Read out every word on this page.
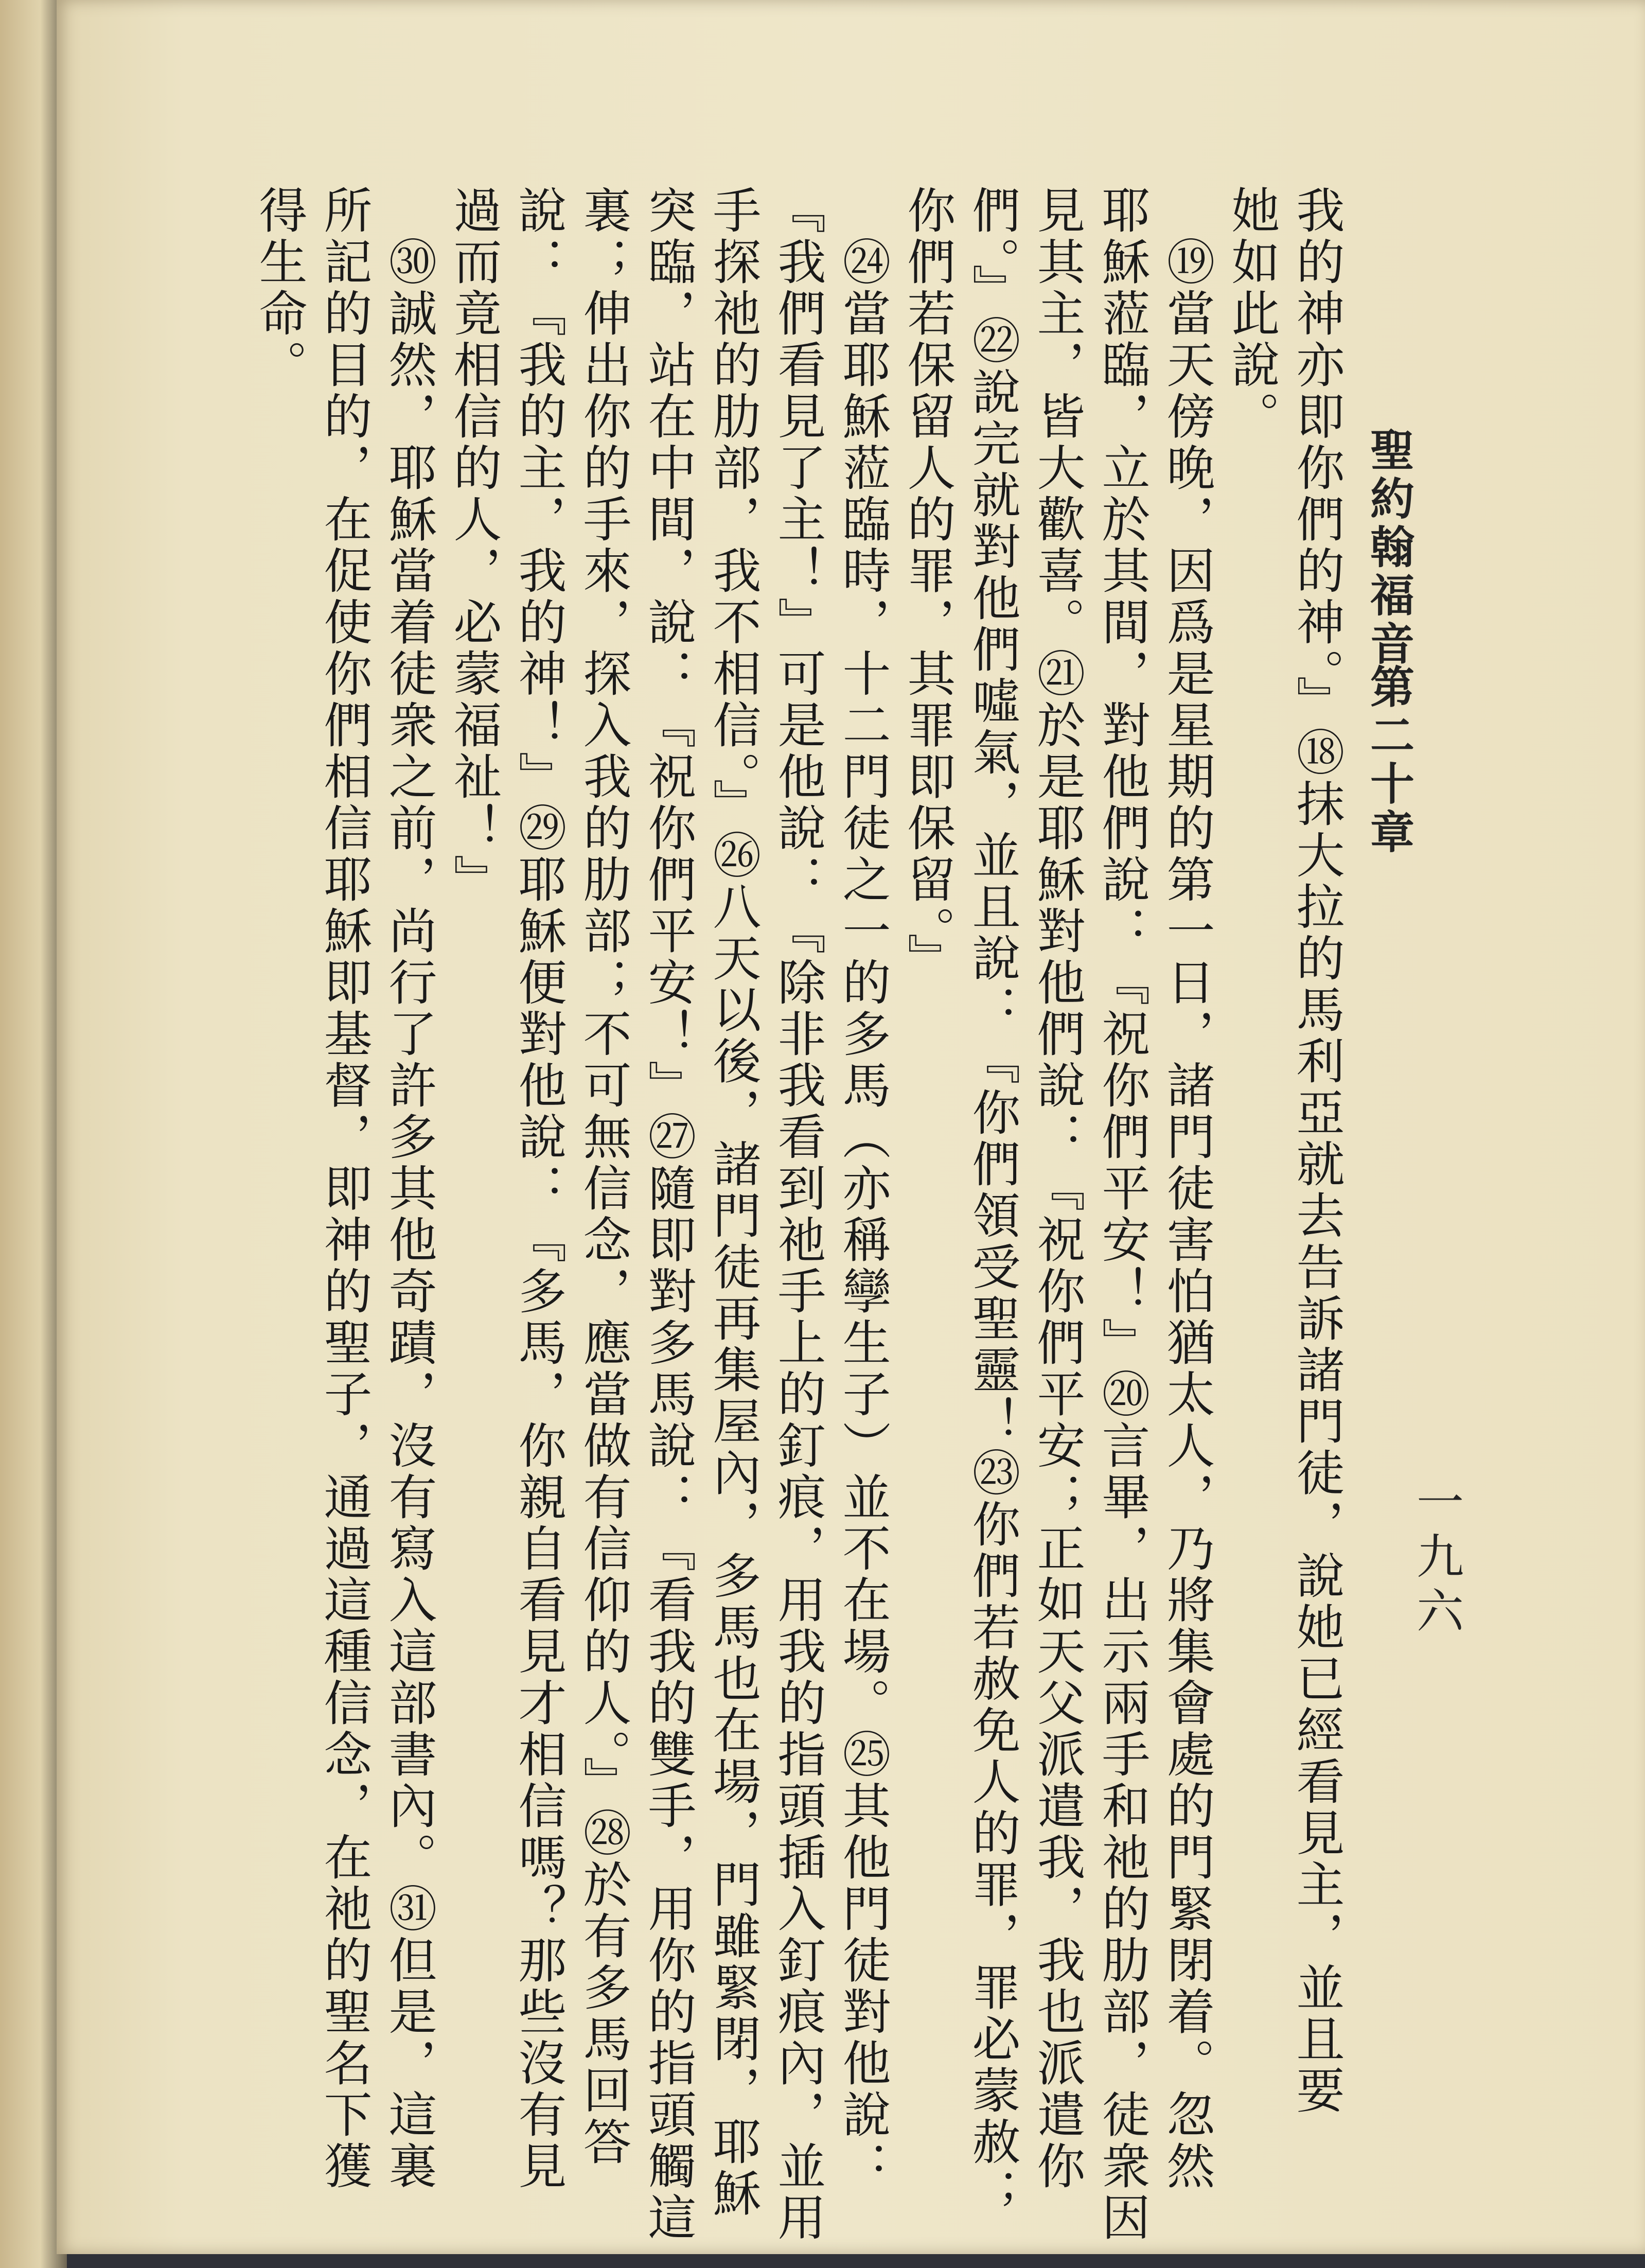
聖約翰福音
第二十章
一九六
我的神亦即你們的神。』⑱抹大拉的馬利亞就去告訴諸門徒，說她已經看見主，並且要
她如此說。
　⑲當天傍晚，因爲是星期的第一日，諸門徒害怕猶太人，乃將集會處的門緊閉着。忽然
耶穌蒞臨，立於其間，對他們說：『祝你們平安！』⑳言畢，出示兩手和祂的肋部，徒衆因
見其主，皆大歡喜。㉑於是耶穌對他們說：『祝你們平安；正如天父派遣我，我也派遣你
們。』㉒說完就對他們噓氣，並且說：『你們領受聖靈！㉓你們若赦免人的罪，罪必蒙赦；
你們若保留人的罪，其罪即保留。』
　㉔當耶穌蒞臨時，十二門徒之一的多馬（亦稱孿生子）並不在場。㉕其他門徒對他說：
『我們看見了主！』可是他說：『除非我看到祂手上的釘痕，用我的指頭插入釘痕內，並用
手探祂的肋部，我不相信。』㉖八天以後，諸門徒再集屋內，多馬也在場，門雖緊閉，耶穌
突臨，站在中間，說：『祝你們平安！』㉗隨即對多馬說：『看我的雙手，用你的指頭觸這
裏；伸出你的手來，探入我的肋部；不可無信念，應當做有信仰的人。』㉘於有多馬回答
說：『我的主，我的神！』㉙耶穌便對他說：『多馬，你親自看見才相信嗎？那些沒有見
過而竟相信的人，必蒙福祉！』
　㉚誠然，耶穌當着徒衆之前，尚行了許多其他奇蹟，沒有寫入這部書內。㉛但是，這裏
所記的目的，在促使你們相信耶穌即基督，即神的聖子，通過這種信念，在祂的聖名下獲
得生命。
